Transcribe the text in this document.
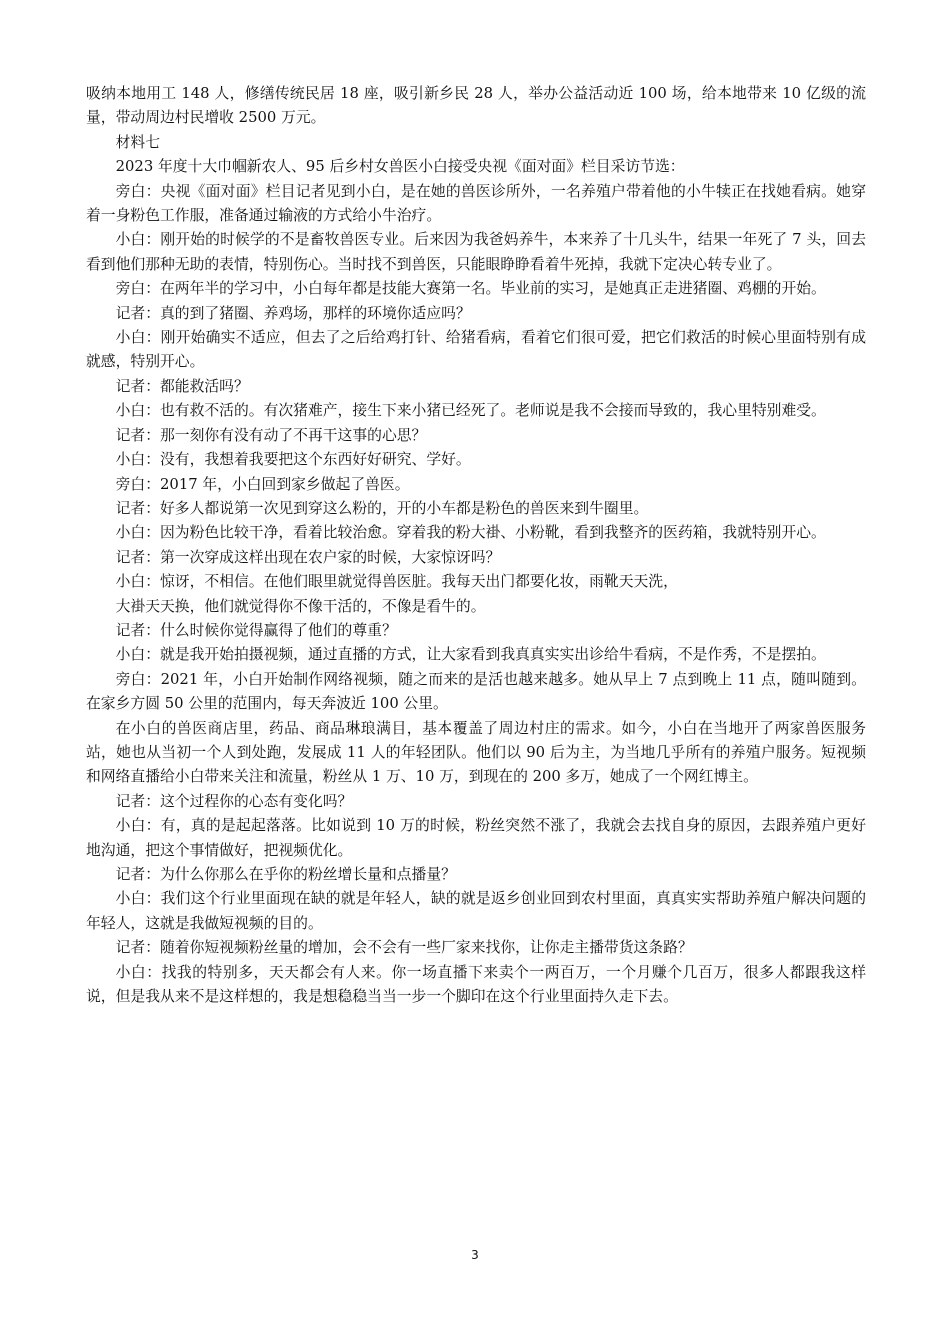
吸纳本地用工 148 人，修缮传统民居 18 座，吸引新乡民 28 人，举办公益活动近 100 场，给本地带来 10 亿级的流量，带动周边村民增收 2500 万元。

材料七

2023 年度十大巾帼新农人、95 后乡村女兽医小白接受央视《面对面》栏目采访节选：

旁白：央视《面对面》栏目记者见到小白，是在她的兽医诊所外，一名养殖户带着他的小牛犊正在找她看病。她穿着一身粉色工作服，准备通过输液的方式给小牛治疗。

小白：刚开始的时候学的不是畜牧兽医专业。后来因为我爸妈养牛，本来养了十几头牛，结果一年死了 7 头，回去看到他们那种无助的表情，特别伤心。当时找不到兽医，只能眼睁睁看着牛死掉，我就下定决心转专业了。

旁白：在两年半的学习中，小白每年都是技能大赛第一名。毕业前的实习，是她真正走进猪圈、鸡棚的开始。

记者：真的到了猪圈、养鸡场，那样的环境你适应吗？

小白：刚开始确实不适应，但去了之后给鸡打针、给猪看病，看着它们很可爱，把它们救活的时候心里面特别有成就感，特别开心。

记者：都能救活吗？

小白：也有救不活的。有次猪难产，接生下来小猪已经死了。老师说是我不会接而导致的，我心里特别难受。

记者：那一刻你有没有动了不再干这事的心思？

小白：没有，我想着我要把这个东西好好研究、学好。

旁白：2017 年，小白回到家乡做起了兽医。

记者：好多人都说第一次见到穿这么粉的，开的小车都是粉色的兽医来到牛圈里。

小白：因为粉色比较干净，看着比较治愈。穿着我的粉大褂、小粉靴，看到我整齐的医药箱，我就特别开心。

记者：第一次穿成这样出现在农户家的时候，大家惊讶吗？

小白：惊讶，不相信。在他们眼里就觉得兽医脏。我每天出门都要化妆，雨靴天天洗，

大褂天天换，他们就觉得你不像干活的，不像是看牛的。

记者：什么时候你觉得赢得了他们的尊重？

小白：就是我开始拍摄视频，通过直播的方式，让大家看到我真真实实出诊给牛看病，不是作秀，不是摆拍。

旁白：2021 年，小白开始制作网络视频，随之而来的是活也越来越多。她从早上 7 点到晚上 11 点，随叫随到。在家乡方圆 50 公里的范围内，每天奔波近 100 公里。

在小白的兽医商店里，药品、商品琳琅满目，基本覆盖了周边村庄的需求。如今，小白在当地开了两家兽医服务站，她也从当初一个人到处跑，发展成 11 人的年轻团队。他们以 90 后为主，为当地几乎所有的养殖户服务。短视频和网络直播给小白带来关注和流量，粉丝从 1 万、10 万，到现在的 200 多万，她成了一个网红博主。

记者：这个过程你的心态有变化吗？

小白：有，真的是起起落落。比如说到 10 万的时候，粉丝突然不涨了，我就会去找自身的原因，去跟养殖户更好地沟通，把这个事情做好，把视频优化。

记者：为什么你那么在乎你的粉丝增长量和点播量？

小白：我们这个行业里面现在缺的就是年轻人，缺的就是返乡创业回到农村里面，真真实实帮助养殖户解决问题的年轻人，这就是我做短视频的目的。

记者：随着你短视频粉丝量的增加，会不会有一些厂家来找你，让你走主播带货这条路？

小白：找我的特别多，天天都会有人来。你一场直播下来卖个一两百万，一个月赚个几百万，很多人都跟我这样说，但是我从来不是这样想的，我是想稳稳当当一步一个脚印在这个行业里面持久走下去。

3
